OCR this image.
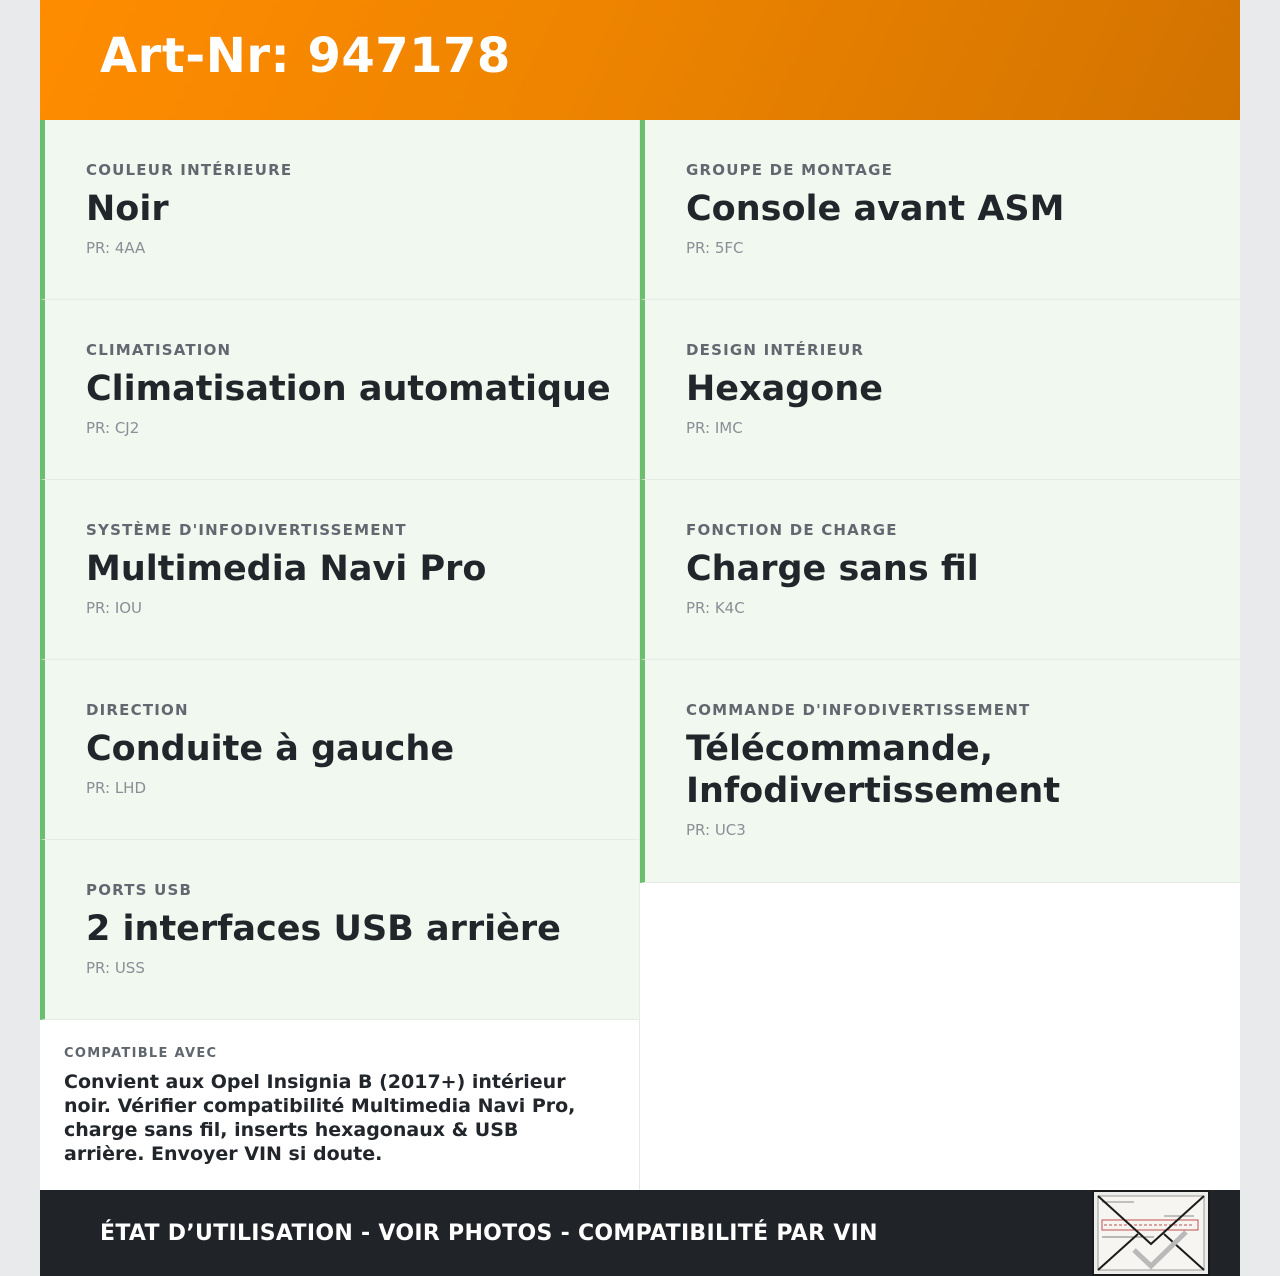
Art-Nr: 947178
COULEUR INTÉRIEURE
Noir
PR: 4AA
CLIMATISATION
Climatisation automatique
PR: CJ2
SYSTÈME D'INFODIVERTISSEMENT
Multimedia Navi Pro
PR: IOU
DIRECTION
Conduite à gauche
PR: LHD
PORTS USB
2 interfaces USB arrière
PR: USS
GROUPE DE MONTAGE
Console avant ASM
PR: 5FC
DESIGN INTÉRIEUR
Hexagone
PR: IMC
FONCTION DE CHARGE
Charge sans fil
PR: K4C
COMMANDE D'INFODIVERTISSEMENT
Télécommande, Infodivertissement
PR: UC3
COMPATIBLE AVEC
Convient aux Opel Insignia B (2017+) intérieur noir. Vérifier compatibilité Multimedia Navi Pro, charge sans fil, inserts hexagonaux & USB arrière. Envoyer VIN si doute.
ÉTAT D’UTILISATION - VOIR PHOTOS - COMPATIBILITÉ PAR VIN
